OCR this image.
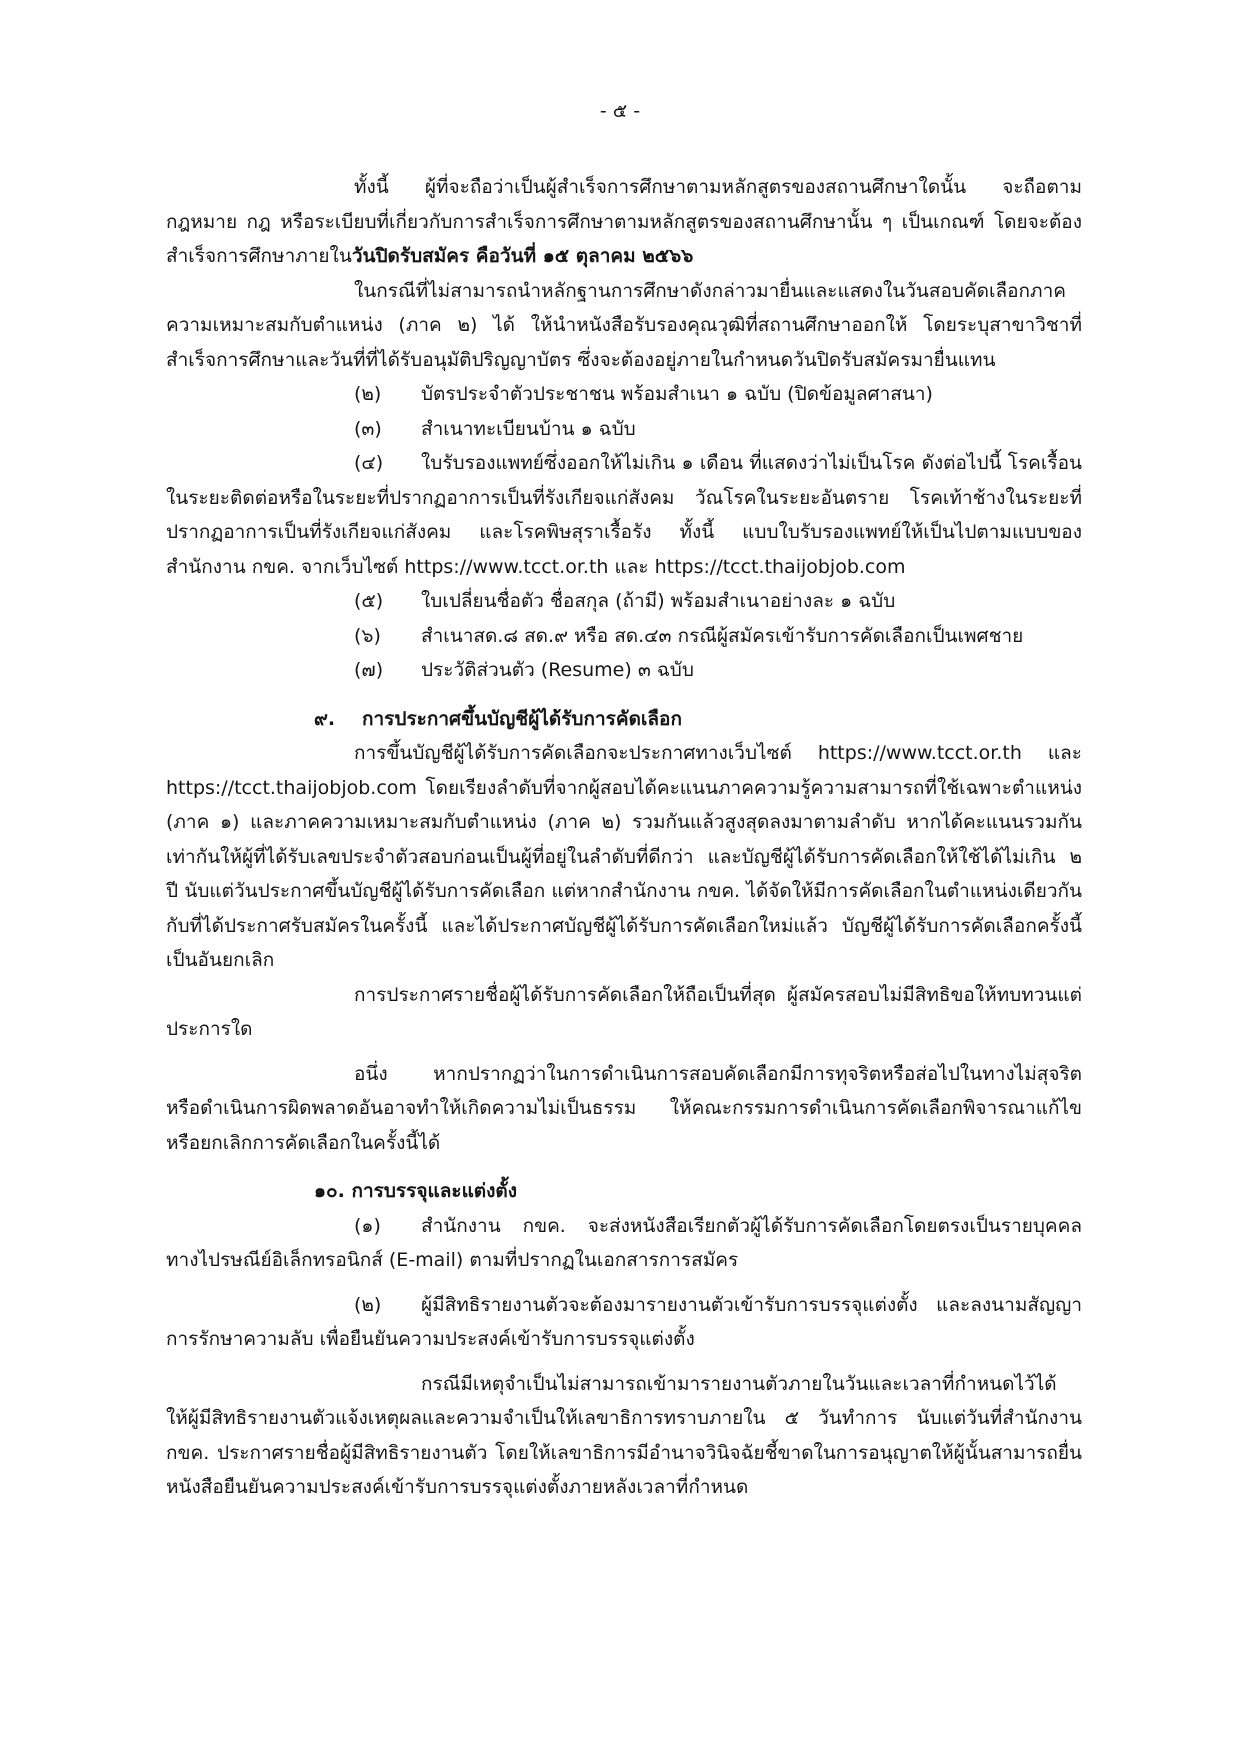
- ๕ -

ทั้งนี้ ผู้ที่จะถือว่าเป็นผู้สำเร็จการศึกษาตามหลักสูตรของสถานศึกษาใดนั้น จะถือตามกฎหมาย กฎ หรือระเบียบที่เกี่ยวกับการสำเร็จการศึกษาตามหลักสูตรของสถานศึกษานั้น ๆ เป็นเกณฑ์ โดยจะต้องสำเร็จการศึกษาภายในวันปิดรับสมัคร คือวันที่ ๑๕ ตุลาคม ๒๕๖๖

ในกรณีที่ไม่สามารถนำหลักฐานการศึกษาดังกล่าวมายื่นและแสดงในวันสอบคัดเลือกภาคความเหมาะสมกับตำแหน่ง (ภาค ๒) ได้ ให้นำหนังสือรับรองคุณวุฒิที่สถานศึกษาออกให้ โดยระบุสาขาวิชาที่สำเร็จการศึกษาและวันที่ที่ได้รับอนุมัติปริญญาบัตร ซึ่งจะต้องอยู่ภายในกำหนดวันปิดรับสมัครมายื่นแทน

(๒)	บัตรประจำตัวประชาชน พร้อมสำเนา ๑ ฉบับ (ปิดข้อมูลศาสนา)
(๓)	สำเนาทะเบียนบ้าน ๑ ฉบับ

(๔) ใบรับรองแพทย์ซึ่งออกให้ไม่เกิน ๑ เดือน ที่แสดงว่าไม่เป็นโรค ดังต่อไปนี้ โรคเรื้อนในระยะติดต่อหรือในระยะที่ปรากฏอาการเป็นที่รังเกียจแก่สังคม วัณโรคในระยะอันตราย โรคเท้าช้างในระยะที่ปรากฏอาการเป็นที่รังเกียจแก่สังคม และโรคพิษสุราเรื้อรัง ทั้งนี้ แบบใบรับรองแพทย์ให้เป็นไปตามแบบของ สำนักงาน กขค. จากเว็บไซต์ https://www.tcct.or.th และ https://tcct.thaijobjob.com

(๕)	ใบเปลี่ยนชื่อตัว ชื่อสกุล (ถ้ามี) พร้อมสำเนาอย่างละ ๑ ฉบับ
(๖)	สำเนาสด.๘ สด.๙ หรือ สด.๔๓ กรณีผู้สมัครเข้ารับการคัดเลือกเป็นเพศชาย
(๗)	ประวัติส่วนตัว (Resume) ๓ ฉบับ
๙.	การประกาศขึ้นบัญชีผู้ได้รับการคัดเลือก

การขึ้นบัญชีผู้ได้รับการคัดเลือกจะประกาศทางเว็บไซต์ https://www.tcct.or.th และ https://tcct.thaijobjob.com โดยเรียงลำดับที่จากผู้สอบได้คะแนนภาคความรู้ความสามารถที่ใช้เฉพาะตำแหน่ง (ภาค ๑) และภาคความเหมาะสมกับตำแหน่ง (ภาค ๒) รวมกันแล้วสูงสุดลงมาตามลำดับ หากได้คะแนนรวมกันเท่ากันให้ผู้ที่ได้รับเลขประจำตัวสอบก่อนเป็นผู้ที่อยู่ในลำดับที่ดีกว่า และบัญชีผู้ได้รับการคัดเลือกให้ใช้ได้ไม่เกิน ๒ ปี นับแต่วันประกาศขึ้นบัญชีผู้ได้รับการคัดเลือก แต่หากสำนักงาน กขค. ได้จัดให้มีการคัดเลือกในตำแหน่งเดียวกันกับที่ได้ประกาศรับสมัครในครั้งนี้ และได้ประกาศบัญชีผู้ได้รับการคัดเลือกใหม่แล้ว บัญชีผู้ได้รับการคัดเลือกครั้งนี้เป็นอันยกเลิก

การประกาศรายชื่อผู้ได้รับการคัดเลือกให้ถือเป็นที่สุด ผู้สมัครสอบไม่มีสิทธิขอให้ทบทวนแต่ประการใด

อนึ่ง หากปรากฏว่าในการดำเนินการสอบคัดเลือกมีการทุจริตหรือส่อไปในทางไม่สุจริต หรือดำเนินการผิดพลาดอันอาจทำให้เกิดความไม่เป็นธรรม ให้คณะกรรมการดำเนินการคัดเลือกพิจารณาแก้ไข หรือยกเลิกการคัดเลือกในครั้งนี้ได้

๑๐. การบรรจุและแต่งตั้ง

(๑) สำนักงาน กขค. จะส่งหนังสือเรียกตัวผู้ได้รับการคัดเลือกโดยตรงเป็นรายบุคคลทางไปรษณีย์อิเล็กทรอนิกส์ (E-mail) ตามที่ปรากฏในเอกสารการสมัคร

(๒) ผู้มีสิทธิรายงานตัวจะต้องมารายงานตัวเข้ารับการบรรจุแต่งตั้ง และลงนามสัญญาการรักษาความลับ เพื่อยืนยันความประสงค์เข้ารับการบรรจุแต่งตั้ง

กรณีมีเหตุจำเป็นไม่สามารถเข้ามารายงานตัวภายในวันและเวลาที่กำหนดไว้ได้ ให้ผู้มีสิทธิรายงานตัวแจ้งเหตุผลและความจำเป็นให้เลขาธิการทราบภายใน ๕ วันทำการ นับแต่วันที่สำนักงาน กขค. ประกาศรายชื่อผู้มีสิทธิรายงานตัว โดยให้เลขาธิการมีอำนาจวินิจฉัยชี้ขาดในการอนุญาตให้ผู้นั้นสามารถยื่นหนังสือยืนยันความประสงค์เข้ารับการบรรจุแต่งตั้งภายหลังเวลาที่กำหนด
